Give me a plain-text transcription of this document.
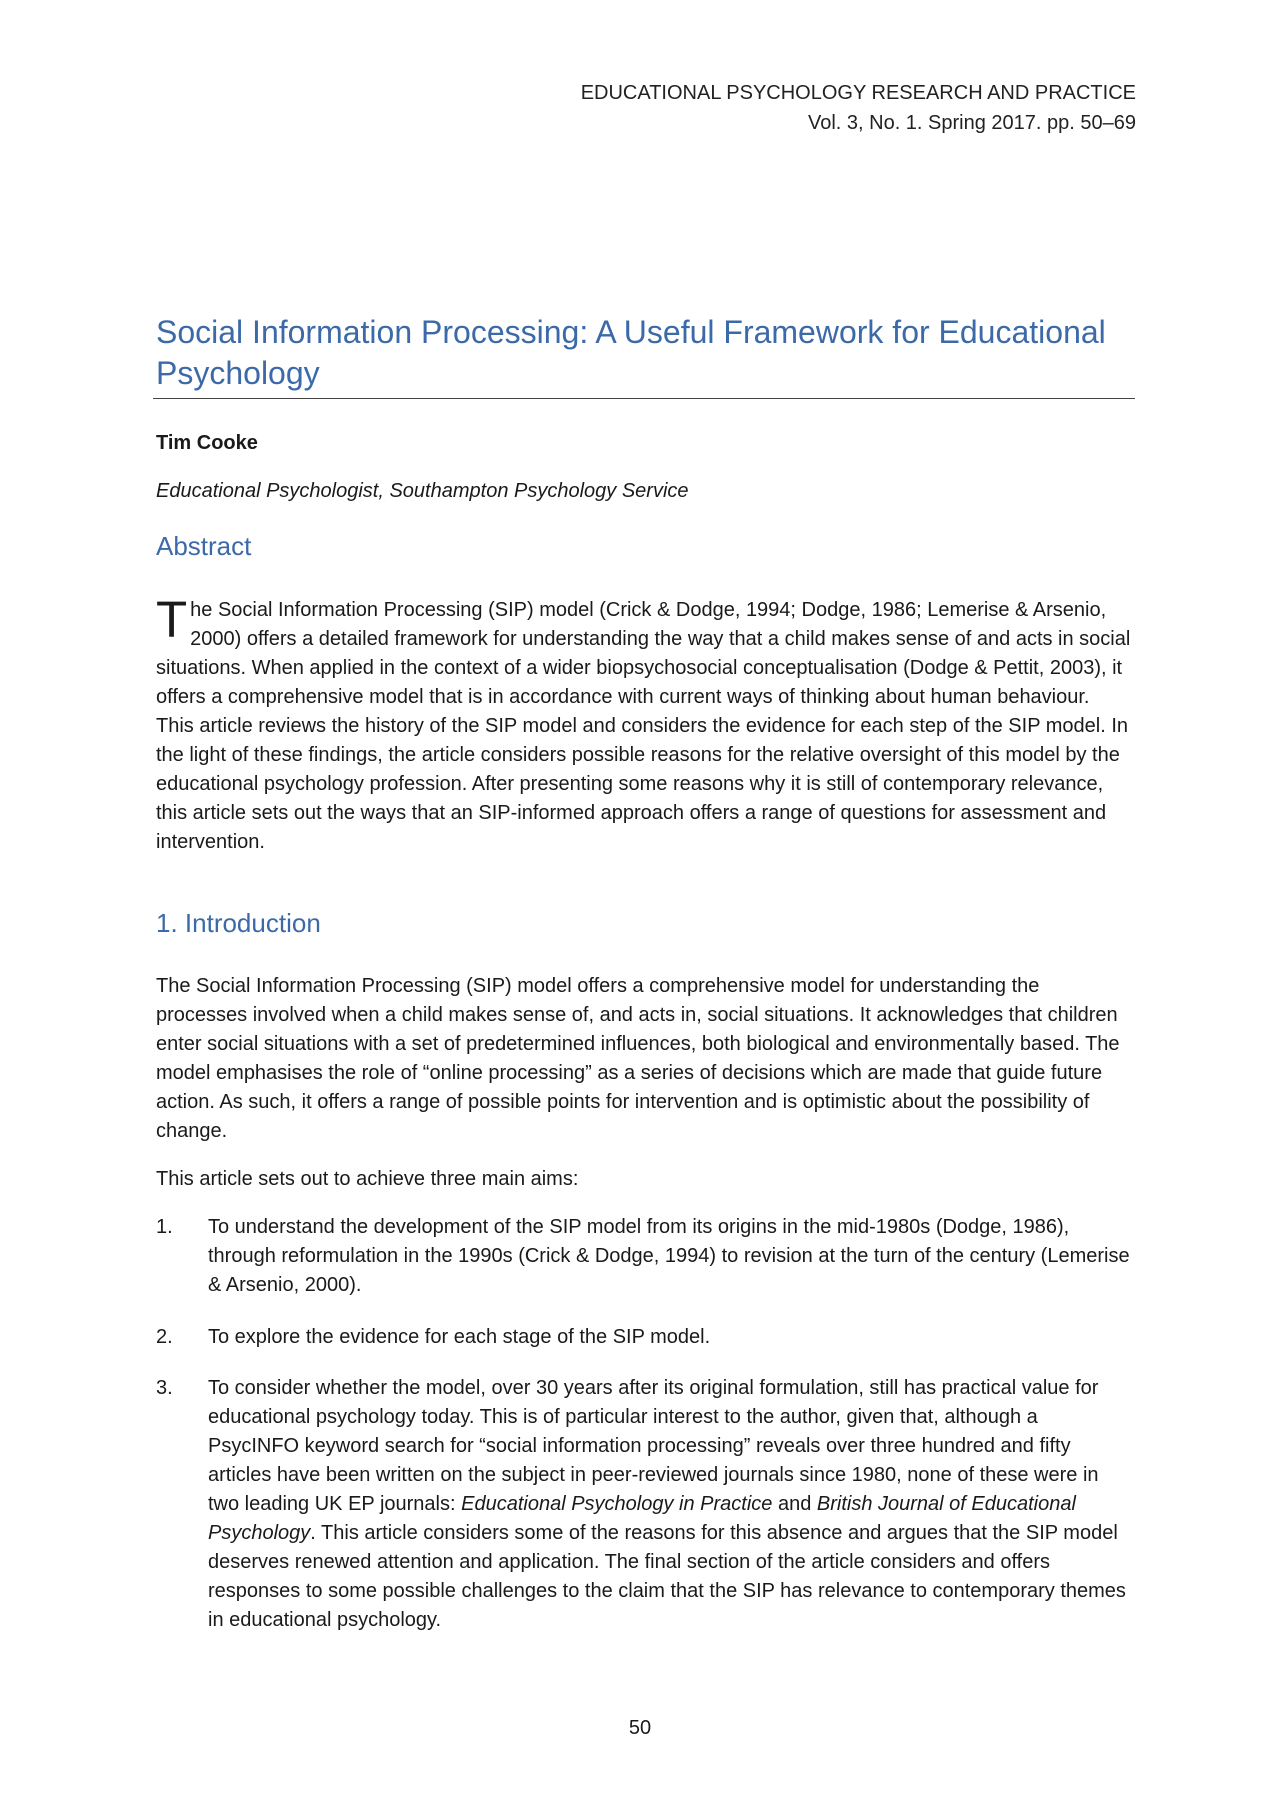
EDUCATIONAL PSYCHOLOGY RESEARCH AND PRACTICE
Vol. 3, No. 1. Spring 2017. pp. 50–69
Social Information Processing: A Useful Framework for Educational Psychology
Tim Cooke
Educational Psychologist, Southampton Psychology Service
Abstract

The Social Information Processing (SIP) model (Crick & Dodge, 1994; Dodge, 1986; Lemerise & Arsenio, 2000) offers a detailed framework for understanding the way that a child makes sense of and acts in social situations. When applied in the context of a wider biopsychosocial conceptualisation (Dodge & Pettit, 2003), it offers a comprehensive model that is in accordance with current ways of thinking about human behaviour. This article reviews the history of the SIP model and considers the evidence for each step of the SIP model. In the light of these findings, the article considers possible reasons for the relative oversight of this model by the educational psychology profession. After presenting some reasons why it is still of contemporary relevance, this article sets out the ways that an SIP-informed approach offers a range of questions for assessment and intervention.

1. Introduction

The Social Information Processing (SIP) model offers a comprehensive model for understanding the processes involved when a child makes sense of, and acts in, social situations. It acknowledges that children enter social situations with a set of predetermined influences, both biological and environmentally based. The model emphasises the role of “online processing” as a series of decisions which are made that guide future action. As such, it offers a range of possible points for intervention and is optimistic about the possibility of change.

This article sets out to achieve three main aims:

1. To understand the development of the SIP model from its origins in the mid-1980s (Dodge, 1986), through reformulation in the 1990s (Crick & Dodge, 1994) to revision at the turn of the century (Lemerise & Arsenio, 2000).
2. To explore the evidence for each stage of the SIP model.
3. To consider whether the model, over 30 years after its original formulation, still has practical value for educational psychology today. This is of particular interest to the author, given that, although a PsycINFO keyword search for “social information processing” reveals over three hundred and fifty articles have been written on the subject in peer-reviewed journals since 1980, none of these were in two leading UK EP journals: Educational Psychology in Practice and British Journal of Educational Psychology. This article considers some of the reasons for this absence and argues that the SIP model deserves renewed attention and application. The final section of the article considers and offers responses to some possible challenges to the claim that the SIP has relevance to contemporary themes in educational psychology.
50
